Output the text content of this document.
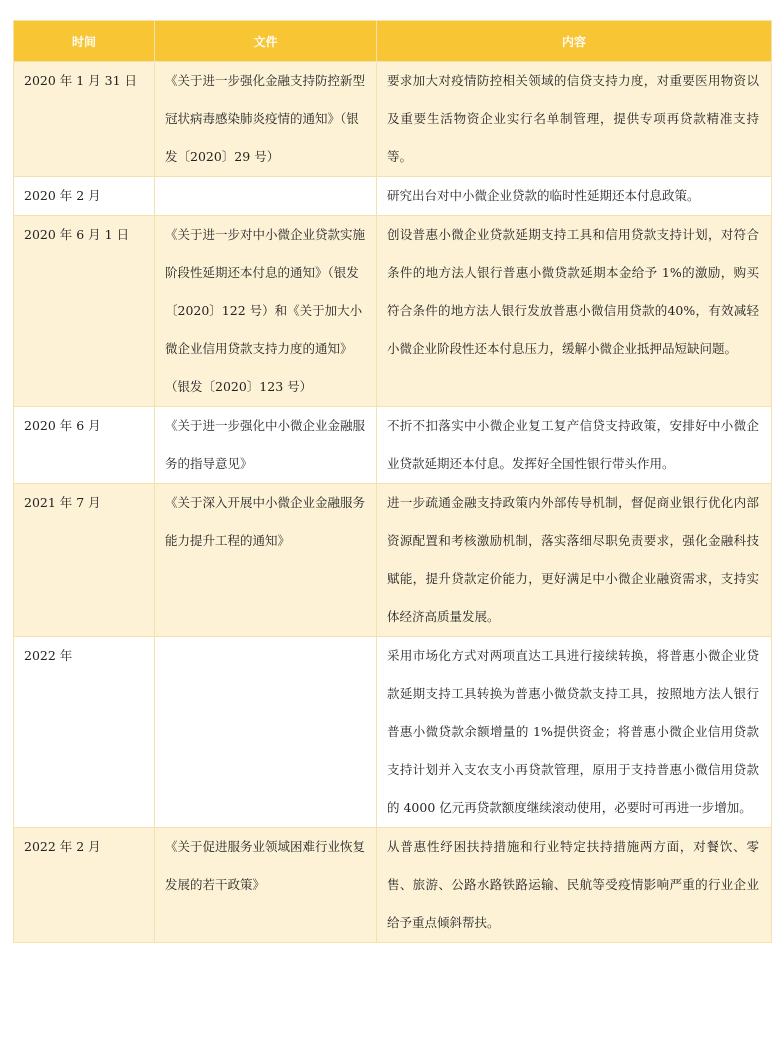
时间	文件	内容
2020 年 1 月 31 日	《关于进一步强化金融支持防控新型冠状病毒感染肺炎疫情的通知》（银发〔2020〕29 号）	要求加大对疫情防控相关领域的信贷支持力度，对重要医用物资以及重要生活物资企业实行名单制管理，提供专项再贷款精准支持等。
2020 年 2 月		研究出台对中小微企业贷款的临时性延期还本付息政策。
2020 年 6 月 1 日	《关于进一步对中小微企业贷款实施阶段性延期还本付息的通知》（银发〔2020〕122 号）和《关于加大小微企业信用贷款支持力度的通知》（银发〔2020〕123 号）	创设普惠小微企业贷款延期支持工具和信用贷款支持计划，对符合条件的地方法人银行普惠小微贷款延期本金给予 1%的激励，购买符合条件的地方法人银行发放普惠小微信用贷款的40%，有效减轻小微企业阶段性还本付息压力，缓解小微企业抵押品短缺问题。
2020 年 6 月	《关于进一步强化中小微企业金融服务的指导意见》	不折不扣落实中小微企业复工复产信贷支持政策，安排好中小微企业贷款延期还本付息。发挥好全国性银行带头作用。
2021 年 7 月	《关于深入开展中小微企业金融服务能力提升工程的通知》	进一步疏通金融支持政策内外部传导机制，督促商业银行优化内部资源配置和考核激励机制，落实落细尽职免责要求，强化金融科技赋能，提升贷款定价能力，更好满足中小微企业融资需求，支持实体经济高质量发展。
2022 年		采用市场化方式对两项直达工具进行接续转换，将普惠小微企业贷款延期支持工具转换为普惠小微贷款支持工具，按照地方法人银行普惠小微贷款余额增量的 1%提供资金；将普惠小微企业信用贷款支持计划并入支农支小再贷款管理，原用于支持普惠小微信用贷款的 4000 亿元再贷款额度继续滚动使用，必要时可再进一步增加。
2022 年 2 月	《关于促进服务业领域困难行业恢复发展的若干政策》	从普惠性纾困扶持措施和行业特定扶持措施两方面，对餐饮、零售、旅游、公路水路铁路运输、民航等受疫情影响严重的行业企业给予重点倾斜帮扶。
